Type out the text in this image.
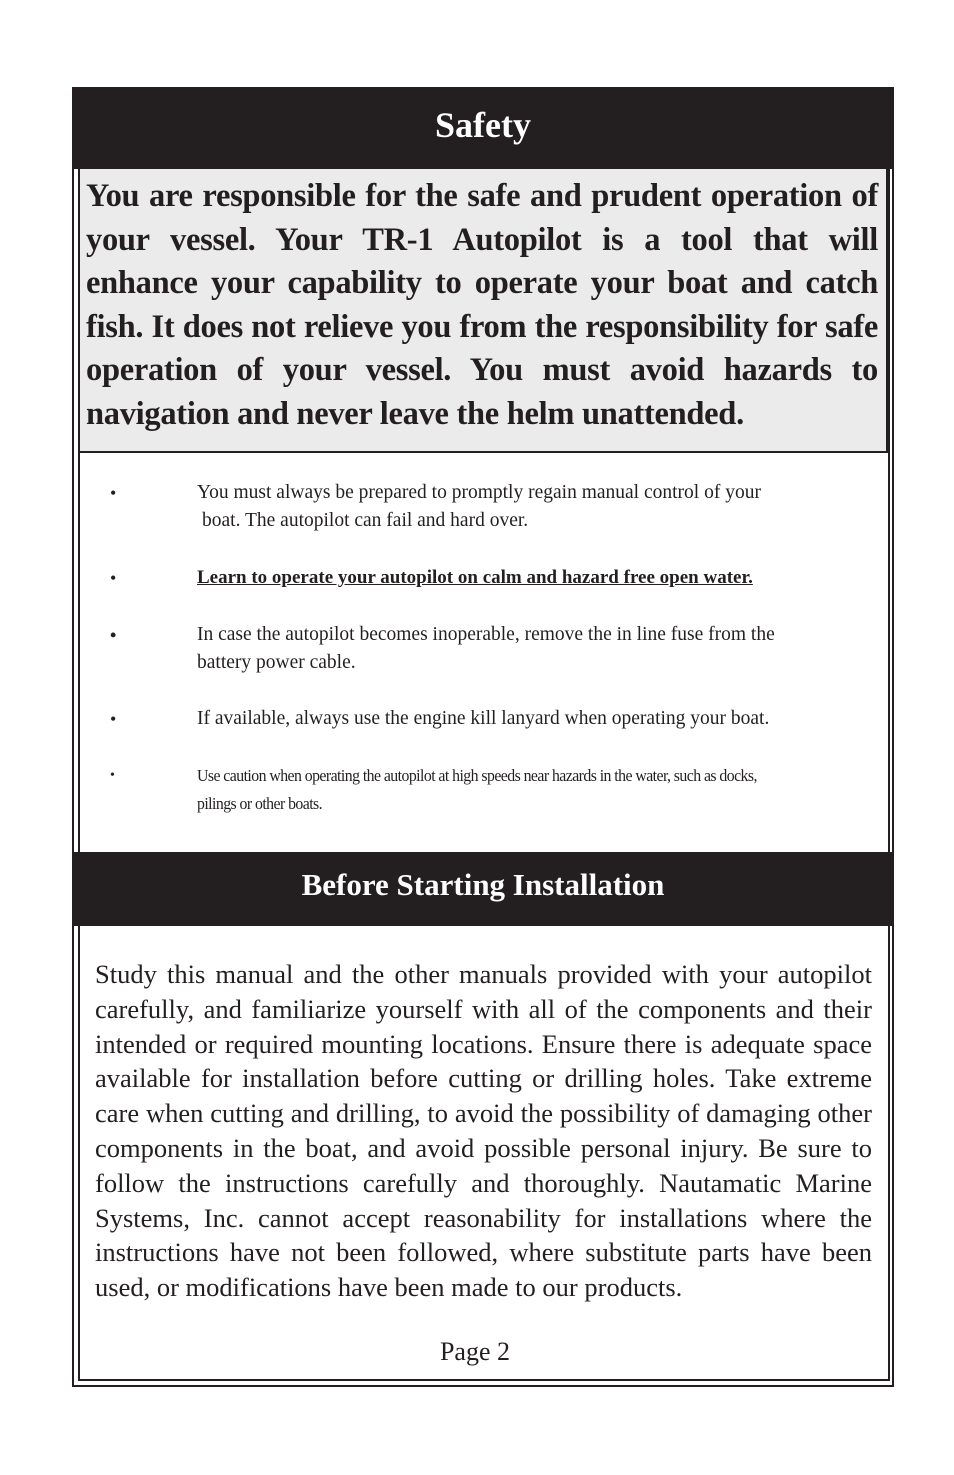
Safety

You are responsible for the safe and prudent operation of your vessel. Your TR-1 Autopilot is a tool that will enhance your capability to operate your boat and catch fish. It does not relieve you from the responsibility for safe operation of your vessel. You must avoid hazards to navigation and never leave the helm unattended.

•	You must always be prepared to promptly regain manual control of your

boat. The autopilot can fail and hard over.

•	Learn to operate your autopilot on calm and hazard free open water.

•	In case the autopilot becomes inoperable, remove the in line fuse from the

battery power cable.

•	If available, always use the engine kill lanyard when operating your boat.

•	Use caution when operating the autopilot at high speeds near hazards in the water, such as docks,

pilings or other boats.

Before Starting Installation

Study this manual and the other manuals provided with your autopilot carefully, and familiarize yourself with all of the components and their intended or required mounting locations. Ensure there is adequate space available for installation before cutting or drilling holes. Take extreme care when cutting and drilling, to avoid the possibility of damaging other components in the boat, and avoid possible personal injury. Be sure to follow the instructions carefully and thoroughly. Nautamatic Marine Systems, Inc. cannot accept reasonability for installations where the instructions have not been followed, where substitute parts have been used, or modifications have been made to our products.

Page 2
